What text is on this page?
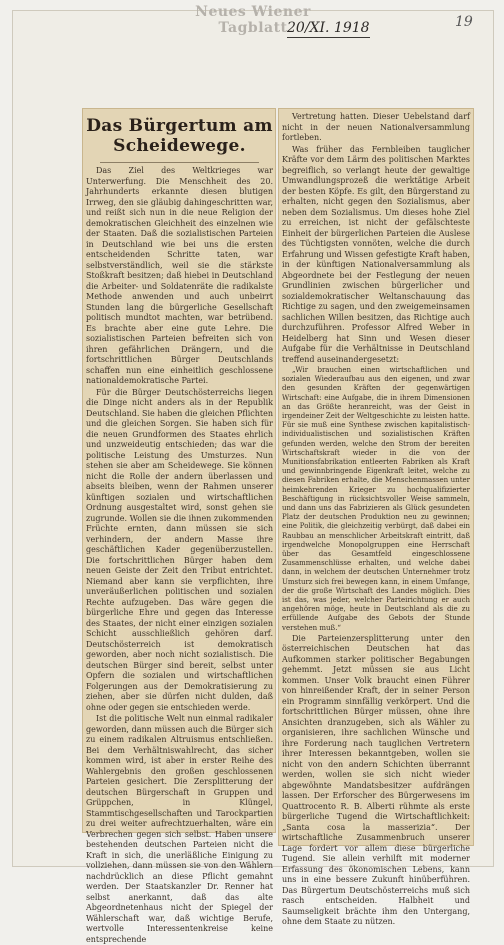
Neues Wiener Tagblatt 20/XI. 1918	19
Das Bürgertum am Scheidewege.

Das Ziel des Weltkrieges war Unterwerfung. Die Menschheit des 20. Jahrhunderts erkannte diesen blutigen Irrweg, den sie gläubig dahingeschritten war, und reißt sich nun in die neue Religion der demokratischen Gleichheit des einzelnen wie der Staaten. Daß die sozialistischen Parteien in Deutschland wie bei uns die ersten entscheidenden Schritte taten, war selbstverständlich, weil sie die stärkste Stoßkraft besitzen; daß hiebei in Deutschland die Arbeiter- und Soldatenräte die radikalste Methode anwenden und auch unbeirrt Stunden lang die bürgerliche Gesellschaft politisch mundtot machten, war betrübend. Es brachte aber eine gute Lehre. Die sozialistischen Parteien befreiten sich von ihren gefährlichen Drängern, und die fortschrittlichen Bürger Deutschlands schaffen nun eine einheitlich geschlossene nationaldemokratische Partei.

Für die Bürger Deutschösterreichs liegen die Dinge nicht anders als in der Republik Deutschland. Sie haben die gleichen Pflichten und die gleichen Sorgen. Sie haben sich für die neuen Grundformen des Staates ehrlich und unzweideutig entschieden; das war die politische Leistung des Umsturzes. Nun stehen sie aber am Scheidewege. Sie können nicht die Rolle der andern überlassen und abseits bleiben, wenn der Rahmen unserer künftigen sozialen und wirtschaftlichen Ordnung ausgestaltet wird, sonst gehen sie zugrunde. Wollen sie die ihnen zukommenden Früchte ernten, dann müssen sie sich verhindern, der andern Masse ihre geschäftlichen Kader gegenüberzustellen. Die fortschrittlichen Bürger haben dem neuen Geiste der Zeit den Tribut entrichtet. Niemand aber kann sie verpflichten, ihre unveräußerlichen politischen und sozialen Rechte aufzugeben. Das wäre gegen die bürgerliche Ehre und gegen das Interesse des Staates, der nicht einer einzigen sozialen Schicht ausschließlich gehören darf. Deutschösterreich ist demokratisch geworden, aber noch nicht sozialistisch. Die deutschen Bürger sind bereit, selbst unter Opfern die sozialen und wirtschaftlichen Folgerungen aus der Demokratisierung zu ziehen, aber sie dürfen nicht dulden, daß ohne oder gegen sie entschieden werde.

Ist die politische Welt nun einmal radikaler geworden, dann müssen auch die Bürger sich zu einem radikalen Altruismus entschließen. Bei dem Verhältniswahlrecht, das sicher kommen wird, ist aber in erster Reihe des Wahlergebnis den großen geschlossenen Parteien gesichert. Die Zersplitterung der deutschen Bürgerschaft in Gruppen und Grüppchen, in Klüngel, Stammtischgesellschaften und Tarockpartien zu drei weiter aufrechtzuerhalten, wäre ein Verbrechen gegen sich selbst. Haben unsere bestehenden deutschen Parteien nicht die Kraft in sich, die unerläßliche Einigung zu vollziehen, dann müssen sie von den Wählern nachdrücklich an diese Pflicht gemahnt werden. Der Staatskanzler Dr. Renner hat selbst anerkannt, daß das alte Abgeordnetenhaus nicht der Spiegel der Wählerschaft war, daß wichtige Berufe, wertvolle Interessentenkreise keine entsprechende

Vertretung hatten. Dieser Uebelstand darf nicht in der neuen Nationalversammlung fortleben.

Was früher das Fernbleiben tauglicher Kräfte vor dem Lärm des politischen Marktes begreiflich, so verlangt heute der gewaltige Umwandlungsprozeß die werktätige Arbeit der besten Köpfe. Es gilt, den Bürgerstand zu erhalten, nicht gegen den Sozialismus, aber neben dem Sozialismus. Um dieses hohe Ziel zu erreichen, ist nicht der gefälschteste Einheit der bürgerlichen Parteien die Auslese des Tüchtigsten vonnöten, welche die durch Erfahrung und Wissen gefestigte Kraft haben, in der künftigen Nationalversammlung als Abgeordnete bei der Festlegung der neuen Grundlinien zwischen bürgerlicher und sozialdemokratischer Weltanschauung das Richtige zu sagen, und den zweigemeinsamen sachlichen Willen besitzen, das Richtige auch durchzuführen. Professor Alfred Weber in Heidelberg hat Sinn und Wesen dieser Aufgabe für die Verhältnisse in Deutschland treffend auseinandergesetzt:

„Wir brauchen einen wirtschaftlichen und sozialen Wiederaufbau aus den eigenen, und zwar den gesunden Kräften der gegenwärtigen Wirtschaft: eine Aufgabe, die in ihrem Dimensionen an das Größte heranreicht, was der Geist in irgendeiner Zeit der Weltgeschichte zu leisten hatte. Für sie muß eine Synthese zwischen kapitalistisch-individualistischen und sozialistischen Kräften gefunden werden, welche den Strom der bereiten Wirtschaftskraft wieder in die von der Munitionsfabrikation entleerten Fabriken als Kraft und gewinnbringende Eigenkraft leitet, welche zu diesen Fabriken erhalte, die Menschenmassen unter heimkehrenden Krieger zu hochqualifizierter Beschäftigung in rücksichtsvoller Weise sammeln, und dann uns das Fabrizieren als Glück gesundeten Platz der deutschen Produktion neu zu gewinnen; eine Politik, die gleichzeitig verbürgt, daß dabei ein Raubbau an menschlicher Arbeitskraft eintritt, daß irgendwelche Monopolgruppen eine Herrschaft über das Gesamtfeld eingeschlossene Zusammenschlüsse erhalten, und welche dabei dann, in welchem der deutschen Unternehmer trotz Umsturz sich frei bewegen kann, in einem Umfange, der die große Wirtschaft des Landes möglich. Dies ist das, was jeder, welcher Parteirichtung er auch angehören möge, heute in Deutschland als die zu erfüllende Aufgabe des Gebots der Stunde verstehen muß.“

Die Parteienzersplitterung unter den österreichischen Deutschen hat das Aufkommen starker politischer Begabungen gehemmt. Jetzt müssen sie aus Licht kommen. Unser Volk braucht einen Führer von hinreißender Kraft, der in seiner Person ein Programm sinnfällig verkörpert. Und die fortschrittlichen Bürger müssen, ohne ihre Ansichten dranzugeben, sich als Wähler zu organisieren, ihre sachlichen Wünsche und ihre Forderung nach tauglichen Vertretern ihrer Interessen bekanntgeben, wollen sie nicht von den andern Schichten überrannt werden, wollen sie sich nicht wieder abgewöhnte Mandatsbesitzer aufdrängen lassen. Der Erforscher des Bürgerwesens im Quattrocento R. B. Alberti rühmte als erste bürgerliche Tugend die Wirtschaftlichkeit: „Santa cosa la masserizia“. Der wirtschaftliche Zusammenbruch unserer Lage fordert vor allem diese bürgerliche Tugend. Sie allein verhilft mit moderner Erfassung des ökonomischen Lebens, kann uns in eine bessere Zukunft hinüberführen. Das Bürgertum Deutschösterreichs muß sich rasch entscheiden. Halbheit und Saumseligkeit brächte ihm den Untergang, ohne dem Staate zu nützen.
